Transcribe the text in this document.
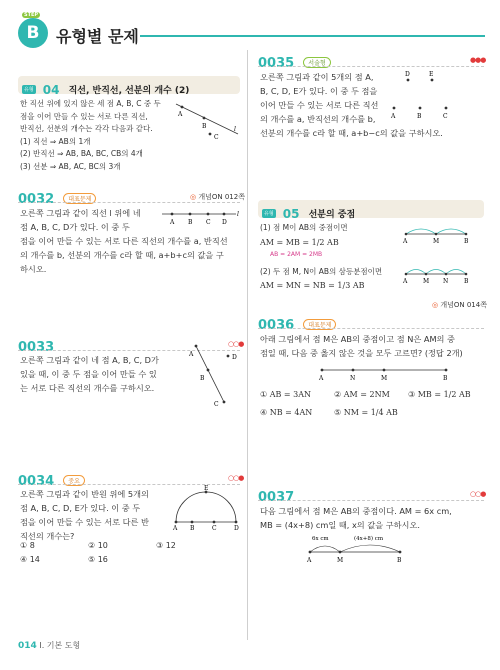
STEP
B 유형별 문제
유형 04 직선, 반직선, 선분의 개수 (2)
한 직선 위에 있지 않은 세 점 A, B, C 중 두
점을 이어 만들 수 있는 서로 다른 직선,
반직선, 선분의 개수는 각각 다음과 같다.
(1) 직선 ⇒ AB의 1개
(2) 반직선 ⇒ AB, BA, BC, CB의 4개
(3) 선분 ⇒ AB, AC, BC의 3개
A
B
C
l
0032 대표문제	◎ 개념ON 012쪽
오른쪽 그림과 같이 직선 l 위에 네
점 A, B, C, D가 있다. 이 중 두
점을 이어 만들 수 있는 서로 다른 직선의 개수를 a, 반직선
의 개수를 b, 선분의 개수를 c라 할 때, a+b+c의 값을 구
하시오.
A B C D
l
0033	○○●
오른쪽 그림과 같이 네 점 A, B, C, D가
있을 때, 이 중 두 점을 이어 만들 수 있
는 서로 다른 직선의 개수를 구하시오.
A
B
C
D
0034 중요	○○●
오른쪽 그림과 같이 반원 위에 5개의
점 A, B, C, D, E가 있다. 이 중 두
점을 이어 만들 수 있는 서로 다른 반
직선의 개수는?
E
A B	C	D
① 8	② 10	③ 12
④ 14	⑤ 16
0035 서술형	●●●
오른쪽 그림과 같이 5개의 점 A,
B, C, D, E가 있다. 이 중 두 점을
이어 만들 수 있는 서로 다른 직선
의 개수를 a, 반직선의 개수를 b,
선분의 개수를 c라 할 때, a+b−c의 값을 구하시오.
D	E
A	B	C
유형 05 선분의 중점
(1) 점 M이 AB의 중점이면
AM = MB = 1/2 AB
AB = 2AM = 2MB
(2) 두 점 M, N이 AB의 삼등분점이면
AM = MN = NB = 1/3 AB
A	M	B
A	M N	B
◎ 개념ON 014쪽
0036 대표문제
아래 그림에서 점 M은 AB의 중점이고 점 N은 AM의 중
점일 때, 다음 중 옳지 않은 것을 모두 고르면? (정답 2개)
A	N	M	B
① AB = 3AN	② AM = 2NM ③ MB = 1/2 AB
④ NB = 4AN	⑤ NM = 1/4 AB
0037	○○●
다음 그림에서 점 M은 AB의 중점이다. AM = 6x cm,
MB = (4x+8) cm일 때, x의 값을 구하시오.
6x cm	(4x+8) cm
A	M	B
014 I. 기본 도형
